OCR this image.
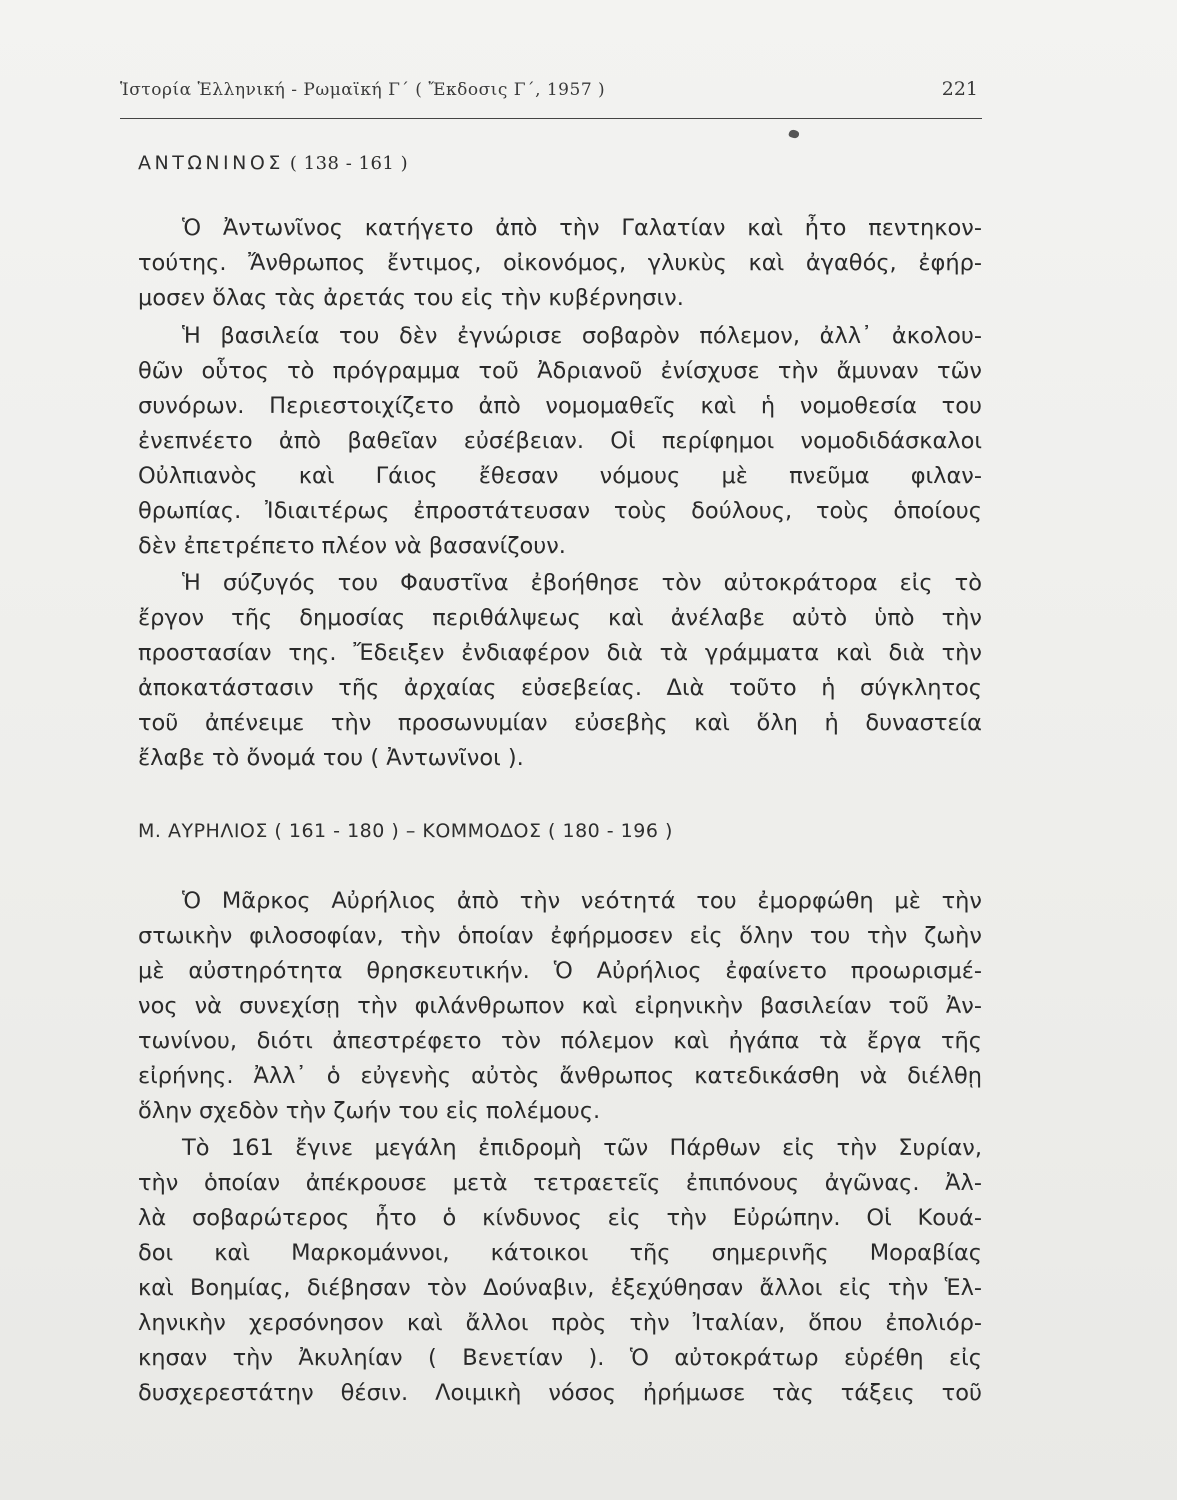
Ἱστορία Ἑλληνική - Ρωμαϊκή Γ´ ( Ἔκδοσις Γ´, 1957 )	221
ΑΝΤΩΝΙΝΟΣ ( 138 - 161 )
Ὁ Ἀντωνῖνος κατήγετο ἀπὸ τὴν Γαλατίαν καὶ ἦτο πεντηκον-
τούτης. Ἄνθρωπος ἔντιμος, οἰκονόμος, γλυκὺς καὶ ἀγαθός, ἐφήρ-
μοσεν ὅλας τὰς ἀρετάς του εἰς τὴν κυβέρνησιν.
Ἡ βασιλεία του δὲν ἐγνώρισε σοβαρὸν πόλεμον, ἀλλ᾽ ἀκολου-
θῶν οὗτος τὸ πρόγραμμα τοῦ Ἀδριανοῦ ἐνίσχυσε τὴν ἄμυναν τῶν
συνόρων. Περιεστοιχίζετο ἀπὸ νομομαθεῖς καὶ ἡ νομοθεσία του
ἐνεπνέετο ἀπὸ βαθεῖαν εὐσέβειαν. Οἱ περίφημοι νομοδιδάσκαλοι
Οὐλπιανὸς καὶ Γάιος ἔθεσαν νόμους μὲ πνεῦμα φιλαν-
θρωπίας. Ἰδιαιτέρως ἐπροστάτευσαν τοὺς δούλους, τοὺς ὁποίους
δὲν ἐπετρέπετο πλέον νὰ βασανίζουν.
Ἡ σύζυγός του Φαυστῖνα ἐβοήθησε τὸν αὐτοκράτορα εἰς τὸ
ἔργον τῆς δημοσίας περιθάλψεως καὶ ἀνέλαβε αὐτὸ ὑπὸ τὴν
προστασίαν της. Ἔδειξεν ἐνδιαφέρον διὰ τὰ γράμματα καὶ διὰ τὴν
ἀποκατάστασιν τῆς ἀρχαίας εὐσεβείας. Διὰ τοῦτο ἡ σύγκλητος
τοῦ ἀπένειμε τὴν προσωνυμίαν εὐσεβὴς καὶ ὅλη ἡ δυναστεία
ἔλαβε τὸ ὄνομά του ( Ἀντωνῖνοι ).
Μ. ΑΥΡΗΛΙΟΣ ( 161 - 180 ) – ΚΟΜΜΟΔΟΣ ( 180 - 196 )
Ὁ Μᾶρκος Αὐρήλιος ἀπὸ τὴν νεότητά του ἐμορφώθη μὲ τὴν
στωικὴν φιλοσοφίαν, τὴν ὁποίαν ἐφήρμοσεν εἰς ὅλην του τὴν ζωὴν
μὲ αὐστηρότητα θρησκευτικήν. Ὁ Αὐρήλιος ἐφαίνετο προωρισμέ-
νος νὰ συνεχίσῃ τὴν φιλάνθρωπον καὶ εἰρηνικὴν βασιλείαν τοῦ Ἀν-
τωνίνου, διότι ἀπεστρέφετο τὸν πόλεμον καὶ ἠγάπα τὰ ἔργα τῆς
εἰρήνης. Ἀλλ᾽ ὁ εὐγενὴς αὐτὸς ἄνθρωπος κατεδικάσθη νὰ διέλθῃ
ὅλην σχεδὸν τὴν ζωήν του εἰς πολέμους.
Τὸ 161 ἔγινε μεγάλη ἐπιδρομὴ τῶν Πάρθων εἰς τὴν Συρίαν,
τὴν ὁποίαν ἀπέκρουσε μετὰ τετραετεῖς ἐπιπόνους ἀγῶνας. Ἀλ-
λὰ σοβαρώτερος ἦτο ὁ κίνδυνος εἰς τὴν Εὐρώπην. Οἱ Κουά-
δοι καὶ Μαρκομάννοι, κάτοικοι τῆς σημερινῆς Μοραβίας
καὶ Βοημίας, διέβησαν τὸν Δούναβιν, ἐξεχύθησαν ἄλλοι εἰς τὴν Ἑλ-
ληνικὴν χερσόνησον καὶ ἄλλοι πρὸς τὴν Ἰταλίαν, ὅπου ἐπολιόρ-
κησαν τὴν Ἀκυληίαν ( Βενετίαν ). Ὁ αὐτοκράτωρ εὑρέθη εἰς
δυσχερεστάτην θέσιν. Λοιμικὴ νόσος ἠρήμωσε τὰς τάξεις τοῦ
